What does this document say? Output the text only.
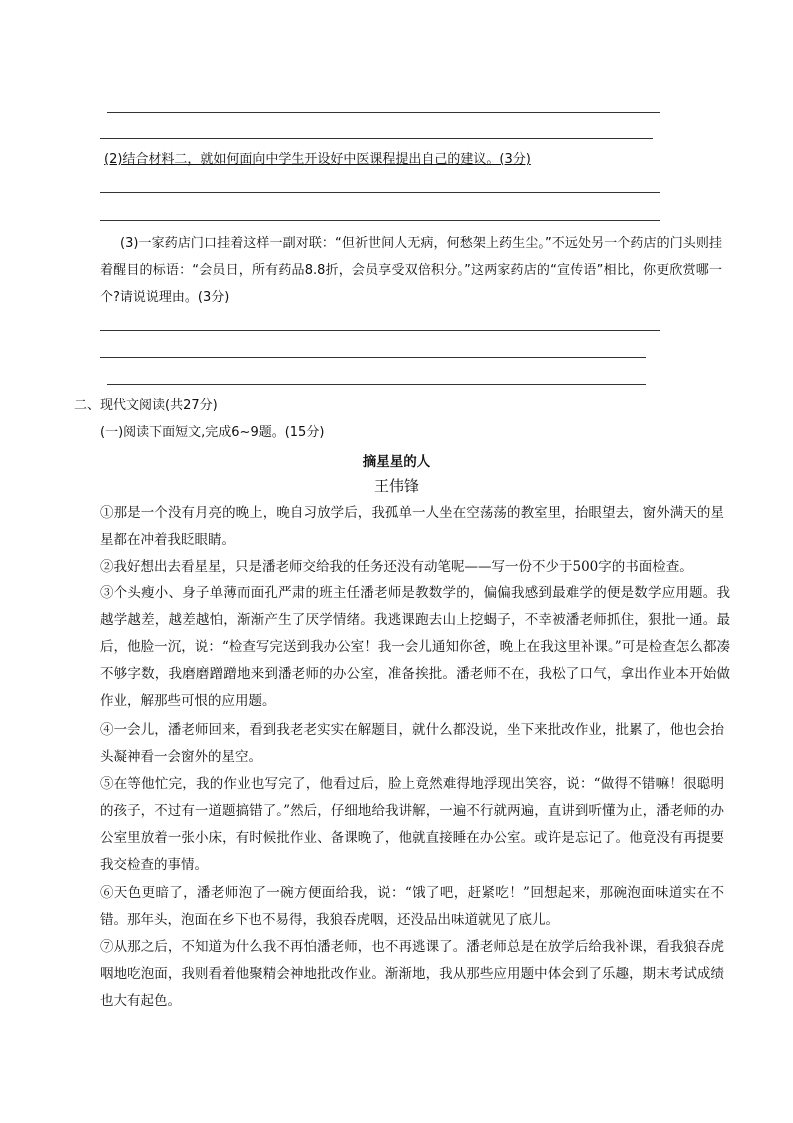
(2)结合材料二，就如何面向中学生开设好中医课程提出自己的建议。(3分)
(3)一家药店门口挂着这样一副对联：“但祈世间人无病，何愁架上药生尘。”不远处另一个药店的门头则挂着醒目的标语：“会员日，所有药品8.8折，会员享受双倍积分。”这两家药店的“宣传语”相比，你更欣赏哪一个?请说说理由。(3分)
二、现代文阅读(共27分)
(一)阅读下面短文,完成6~9题。(15分)
摘星星的人
王伟锋
①那是一个没有月亮的晚上，晚自习放学后，我孤单一人坐在空荡荡的教室里，抬眼望去，窗外满天的星星都在冲着我眨眼睛。
②我好想出去看星星，只是潘老师交给我的任务还没有动笔呢——写一份不少于500字的书面检查。
③个头瘦小、身子单薄而面孔严肃的班主任潘老师是教数学的，偏偏我感到最难学的便是数学应用题。我越学越差，越差越怕，渐渐产生了厌学情绪。我逃课跑去山上挖蝎子，不幸被潘老师抓住，狠批一通。最后，他脸一沉，说：“检查写完送到我办公室！我一会儿通知你爸，晚上在我这里补课。”可是检查怎么都凑不够字数，我磨磨蹭蹭地来到潘老师的办公室，准备挨批。潘老师不在，我松了口气，拿出作业本开始做作业，解那些可恨的应用题。
④一会儿，潘老师回来，看到我老老实实在解题目，就什么都没说，坐下来批改作业，批累了，他也会抬头凝神看一会窗外的星空。
⑤在等他忙完，我的作业也写完了，他看过后，脸上竟然难得地浮现出笑容，说：“做得不错嘛！很聪明的孩子，不过有一道题搞错了。”然后，仔细地给我讲解，一遍不行就两遍，直讲到听懂为止，潘老师的办公室里放着一张小床，有时候批作业、备课晚了，他就直接睡在办公室。或许是忘记了。他竟没有再提要我交检查的事情。
⑥天色更暗了，潘老师泡了一碗方便面给我，说：“饿了吧，赶紧吃！”回想起来，那碗泡面味道实在不错。那年头，泡面在乡下也不易得，我狼吞虎咽，还没品出味道就见了底儿。
⑦从那之后，不知道为什么我不再怕潘老师，也不再逃课了。潘老师总是在放学后给我补课，看我狼吞虎咽地吃泡面，我则看着他聚精会神地批改作业。渐渐地，我从那些应用题中体会到了乐趣，期末考试成绩也大有起色。
